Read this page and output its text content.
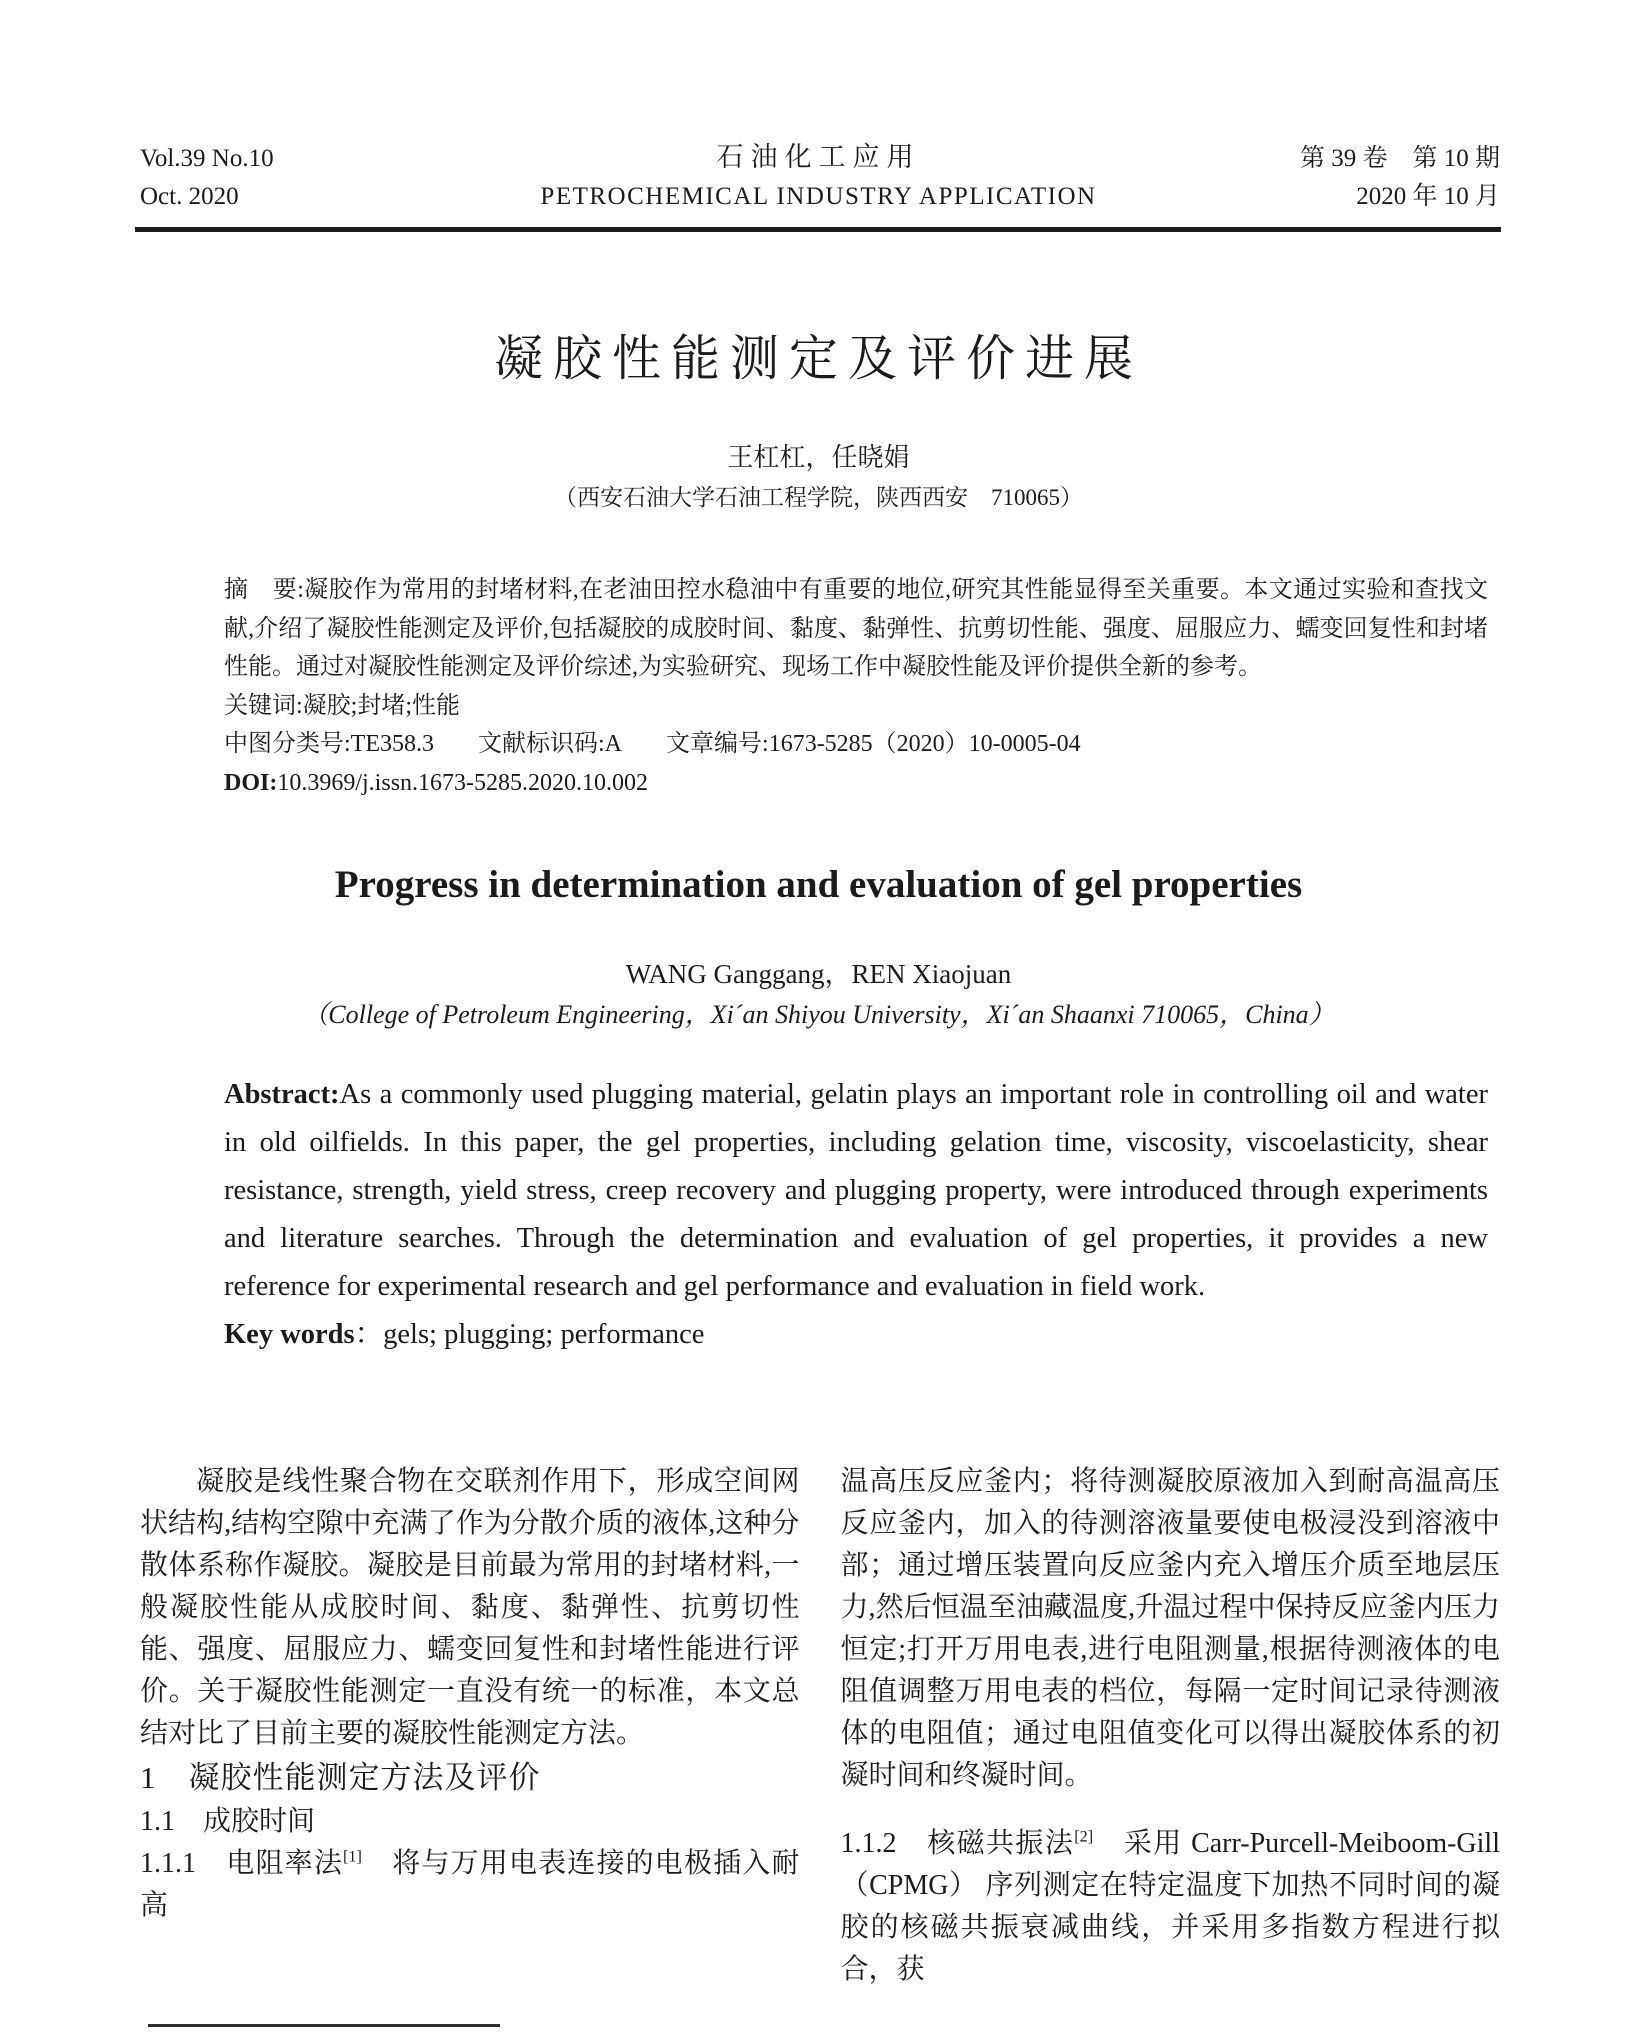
Vol.39 No.10
Oct. 2020
石油化工应用
PETROCHEMICAL INDUSTRY APPLICATION
第 39 卷　第 10 期
2020 年 10 月
凝胶性能测定及评价进展
王杠杠，任晓娟
（西安石油大学石油工程学院，陕西西安　710065）

摘　要:凝胶作为常用的封堵材料,在老油田控水稳油中有重要的地位,研究其性能显得至关重要。本文通过实验和查找文献,介绍了凝胶性能测定及评价,包括凝胶的成胶时间、黏度、黏弹性、抗剪切性能、强度、屈服应力、蠕变回复性和封堵性能。通过对凝胶性能测定及评价综述,为实验研究、现场工作中凝胶性能及评价提供全新的参考。

关键词:凝胶;封堵;性能

中图分类号:TE358.3 文献标识码:A 文章编号:1673-5285（2020）10-0005-04

DOI:10.3969/j.issn.1673-5285.2020.10.002

Progress in determination and evaluation of gel properties
WANG Ganggang，REN Xiaojuan
（College of Petroleum Engineering，Xi´an Shiyou University，Xi´an Shaanxi 710065，China）

Abstract:As a commonly used plugging material, gelatin plays an important role in controlling oil and water in old oilfields. In this paper, the gel properties, including gelation time, viscosity, viscoelasticity, shear resistance, strength, yield stress, creep recovery and plugging property, were introduced through experiments and literature searches. Through the determination and evaluation of gel properties, it provides a new reference for experimental research and gel performance and evaluation in field work.

Key words：gels; plugging; performance

凝胶是线性聚合物在交联剂作用下，形成空间网状结构,结构空隙中充满了作为分散介质的液体,这种分散体系称作凝胶。凝胶是目前最为常用的封堵材料,一般凝胶性能从成胶时间、黏度、黏弹性、抗剪切性能、强度、屈服应力、蠕变回复性和封堵性能进行评价。关于凝胶性能测定一直没有统一的标准，本文总结对比了目前主要的凝胶性能测定方法。

1　凝胶性能测定方法及评价

1.1　成胶时间

1.1.1　电阻率法[1]　将与万用电表连接的电极插入耐高

温高压反应釜内；将待测凝胶原液加入到耐高温高压反应釜内，加入的待测溶液量要使电极浸没到溶液中部；通过增压装置向反应釜内充入增压介质至地层压力,然后恒温至油藏温度,升温过程中保持反应釜内压力恒定;打开万用电表,进行电阻测量,根据待测液体的电阻值调整万用电表的档位，每隔一定时间记录待测液体的电阻值；通过电阻值变化可以得出凝胶体系的初凝时间和终凝时间。

1.1.2　核磁共振法[2]　采用 Carr-Purcell-Meiboom-Gill（CPMG） 序列测定在特定温度下加热不同时间的凝胶的核磁共振衰减曲线，并采用多指数方程进行拟合，获
